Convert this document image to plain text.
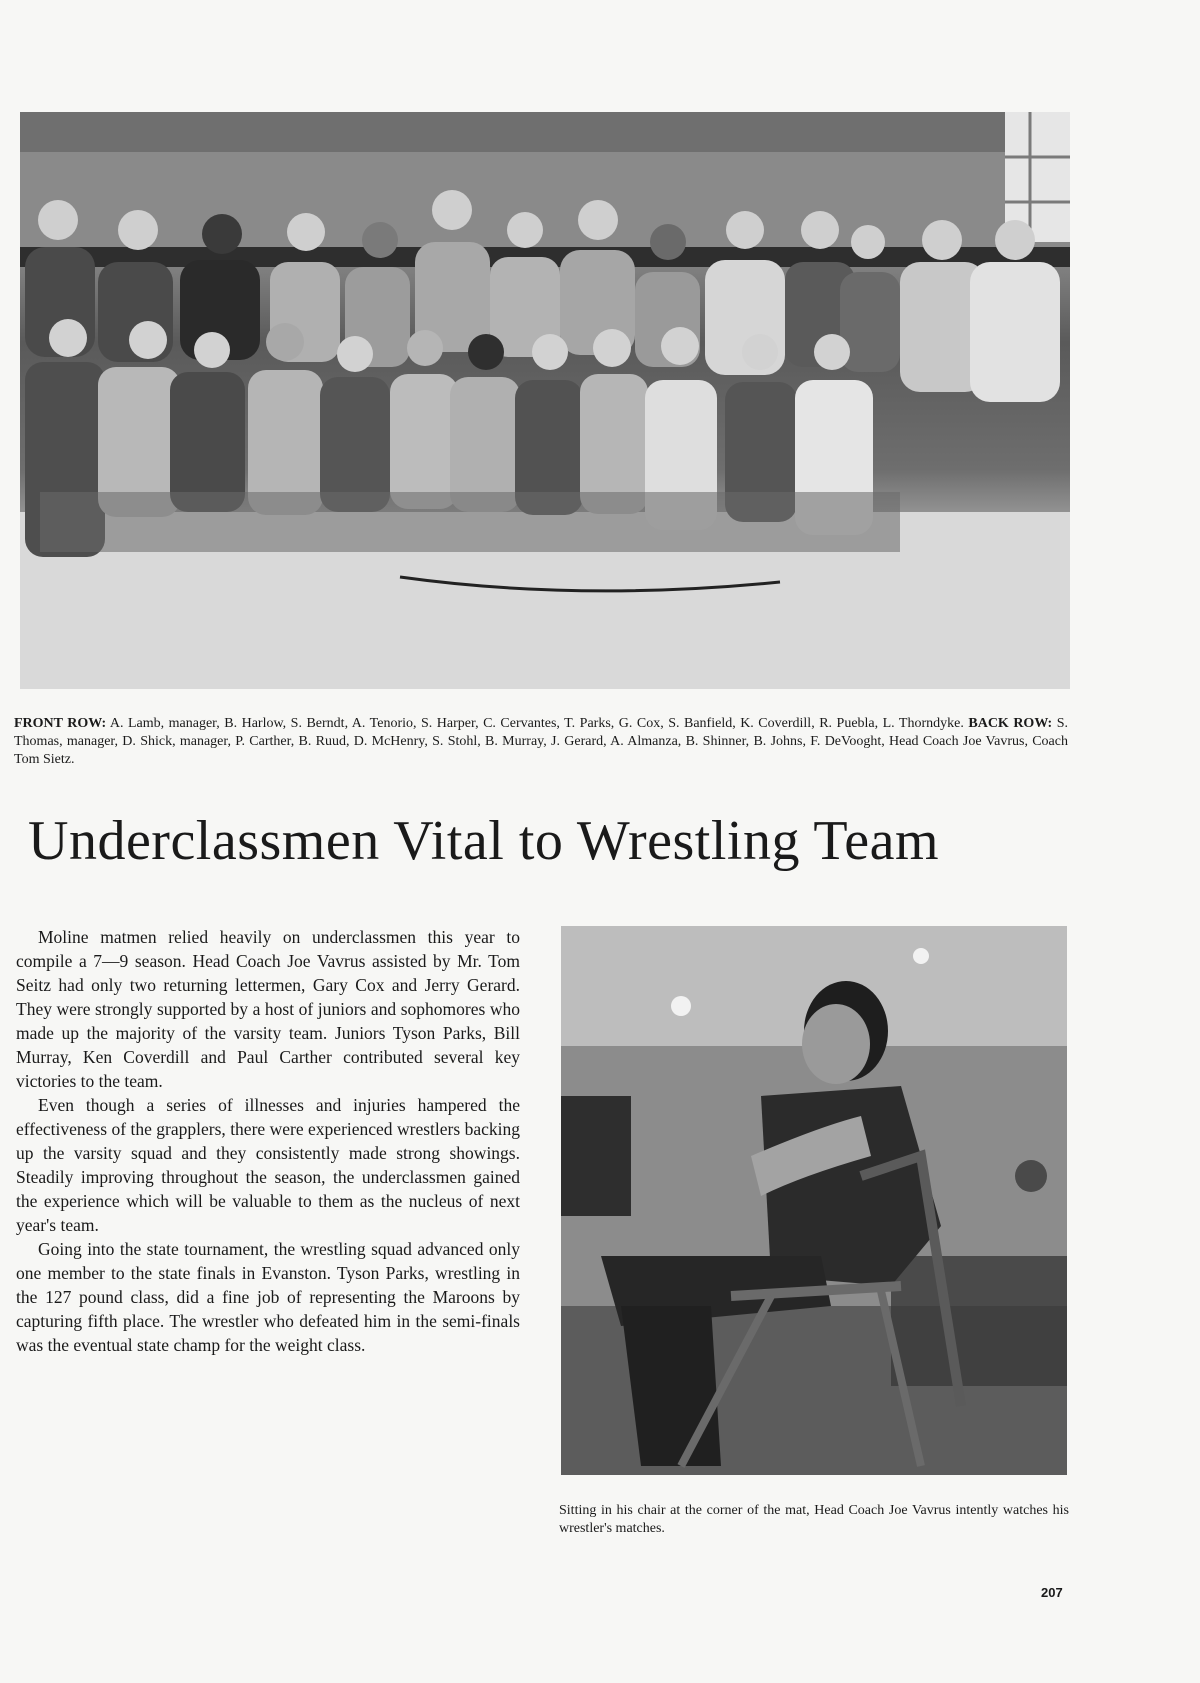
FRONT ROW: A. Lamb, manager, B. Harlow, S. Berndt, A. Tenorio, S. Harper, C. Cervantes, T. Parks, G. Cox, S. Banfield, K. Coverdill, R. Puebla, L. Thorndyke. BACK ROW: S. Thomas, manager, D. Shick, manager, P. Carther, B. Ruud, D. McHenry, S. Stohl, B. Murray, J. Gerard, A. Almanza, B. Shinner, B. Johns, F. DeVooght, Head Coach Joe Vavrus, Coach Tom Sietz.

Underclassmen Vital to Wrestling Team

Moline matmen relied heavily on underclassmen this year to compile a 7—9 season. Head Coach Joe Vavrus assisted by Mr. Tom Seitz had only two returning lettermen, Gary Cox and Jerry Gerard. They were strongly supported by a host of juniors and sophomores who made up the majority of the varsity team. Juniors Tyson Parks, Bill Murray, Ken Coverdill and Paul Carther contributed several key victories to the team.

Even though a series of illnesses and injuries hampered the effectiveness of the grapplers, there were experienced wrestlers backing up the varsity squad and they consistently made strong showings. Steadily improving throughout the season, the underclassmen gained the experience which will be valuable to them as the nucleus of next year's team.

Going into the state tournament, the wrestling squad advanced only one member to the state finals in Evanston. Tyson Parks, wrestling in the 127 pound class, did a fine job of representing the Maroons by capturing fifth place. The wrestler who defeated him in the semi-finals was the eventual state champ for the weight class.

Sitting in his chair at the corner of the mat, Head Coach Joe Vavrus intently watches his wrestler's matches.

207
